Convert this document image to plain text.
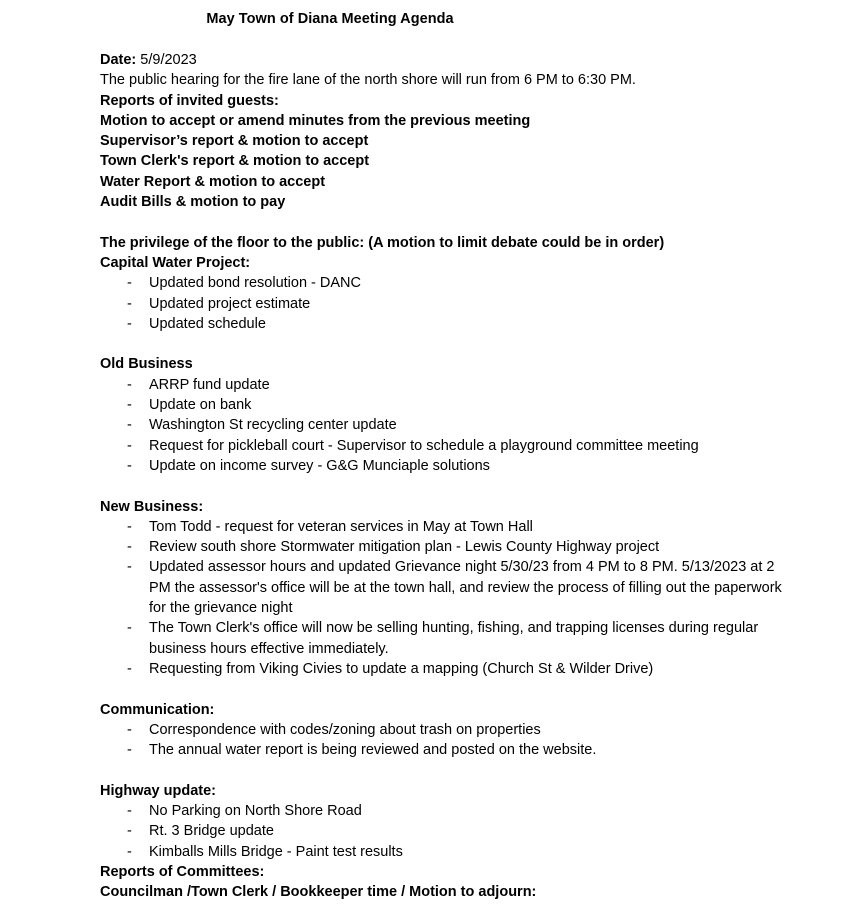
May Town of Diana Meeting Agenda
Date: 5/9/2023
The public hearing for the fire lane of the north shore will run from 6 PM to 6:30 PM.
Reports of invited guests:
Motion to accept or amend minutes from the previous meeting
Supervisor’s report & motion to accept
Town Clerk's report & motion to accept
Water Report & motion to accept
Audit Bills & motion to pay
The privilege of the floor to the public: (A motion to limit debate could be in order)
Capital Water Project:
- Updated bond resolution - DANC
- Updated project estimate
- Updated schedule
Old Business
- ARRP fund update
- Update on bank
- Washington St recycling center update
- Request for pickleball court - Supervisor to schedule a playground committee meeting
- Update on income survey - G&G Munciaple solutions
New Business:
- Tom Todd - request for veteran services in May at Town Hall
- Review south shore Stormwater mitigation plan - Lewis County Highway project
- Updated assessor hours and updated Grievance night 5/30/23 from 4 PM to 8 PM. 5/13/2023 at 2 PM the assessor's office will be at the town hall, and review the process of filling out the paperwork for the grievance night
- The Town Clerk's office will now be selling hunting, fishing, and trapping licenses during regular business hours effective immediately.
- Requesting from Viking Civies to update a mapping (Church St & Wilder Drive)
Communication:
- Correspondence with codes/zoning about trash on properties
- The annual water report is being reviewed and posted on the website.
Highway update:
- No Parking on North Shore Road
- Rt. 3 Bridge update
- Kimballs Mills Bridge - Paint test results
Reports of Committees:
Councilman /Town Clerk / Bookkeeper time / Motion to adjourn:
